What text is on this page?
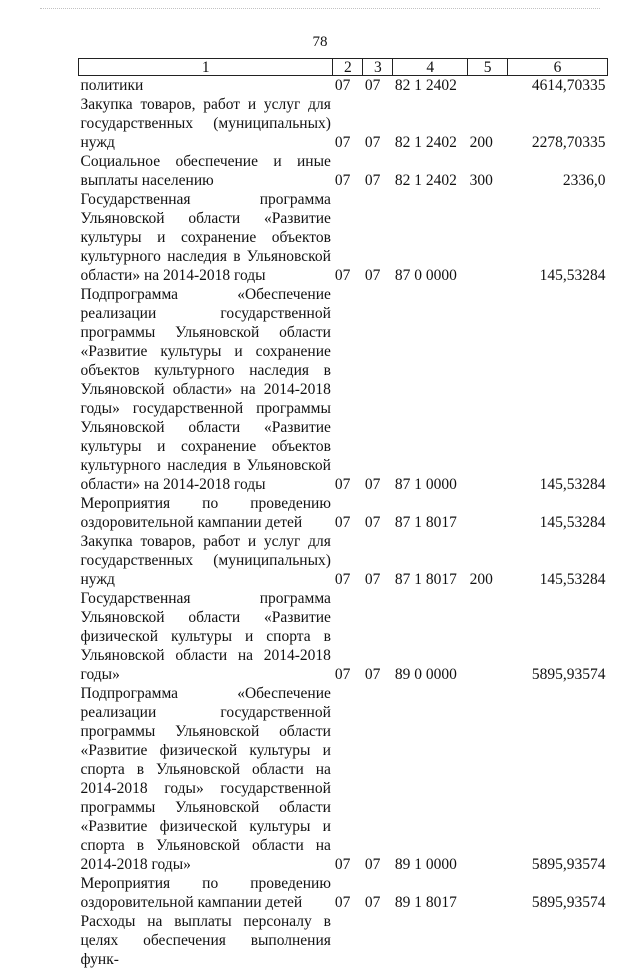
78
1	2	3	4	5	6
политики	07	07	82 1 2402		4614,70335
Закупка товаров, работ и услуг для государственных (муниципальных) нужд	07	07	82 1 2402	200	2278,70335
Социальное обеспечение и иные выплаты населению	07	07	82 1 2402	300	2336,0
Государственная программа Ульяновской области «Развитие культуры и сохранение объектов культурного наследия в Ульяновской области» на 2014-2018 годы	07	07	87 0 0000		145,53284
Подпрограмма «Обеспечение реализации государственной программы Ульяновской области «Развитие культуры и сохранение объектов культурного наследия в Ульяновской области» на 2014-2018 годы» государственной программы Ульяновской области «Развитие культуры и сохранение объектов культурного наследия в Ульяновской области» на 2014-2018 годы	07	07	87 1 0000		145,53284
Мероприятия по проведению оздоровительной кампании детей	07	07	87 1 8017		145,53284
Закупка товаров, работ и услуг для государственных (муниципальных) нужд	07	07	87 1 8017	200	145,53284
Государственная программа Ульяновской области «Развитие физической культуры и спорта в Ульяновской области на 2014-2018 годы»	07	07	89 0 0000		5895,93574
Подпрограмма «Обеспечение реализации государственной программы Ульяновской области «Развитие физической культуры и спорта в Ульяновской области на 2014-2018 годы» государственной программы Ульяновской области «Развитие физической культуры и спорта в Ульяновской области на 2014-2018 годы»	07	07	89 1 0000		5895,93574
Мероприятия по проведению оздоровительной кампании детей	07	07	89 1 8017		5895,93574
Расходы на выплаты персоналу в целях обеспечения выполнения функ-					
